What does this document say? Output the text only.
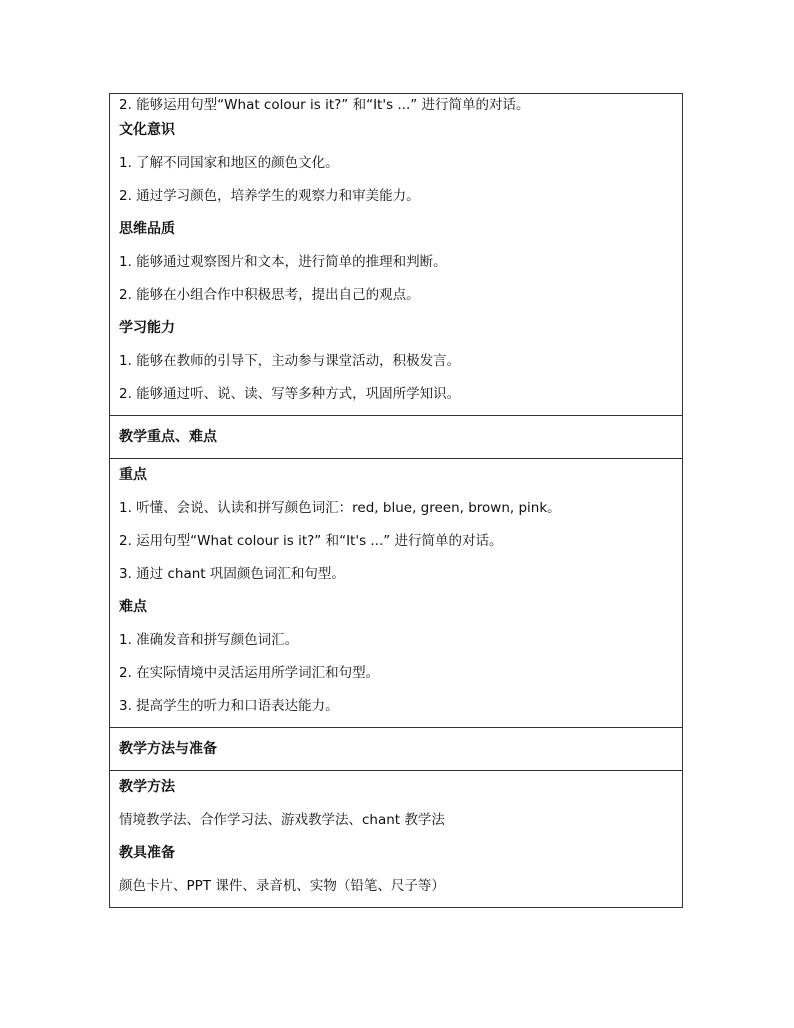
2. 能够运用句型“What colour is it?” 和“It's ...” 进行简单的对话。
文化意识
1. 了解不同国家和地区的颜色文化。
2. 通过学习颜色，培养学生的观察力和审美能力。
思维品质
1. 能够通过观察图片和文本，进行简单的推理和判断。
2. 能够在小组合作中积极思考，提出自己的观点。
学习能力
1. 能够在教师的引导下，主动参与课堂活动，积极发言。
2. 能够通过听、说、读、写等多种方式，巩固所学知识。
教学重点、难点
重点
1. 听懂、会说、认读和拼写颜色词汇：red, blue, green, brown, pink。
2. 运用句型“What colour is it?” 和“It's ...” 进行简单的对话。
3. 通过 chant 巩固颜色词汇和句型。
难点
1. 准确发音和拼写颜色词汇。
2. 在实际情境中灵活运用所学词汇和句型。
3. 提高学生的听力和口语表达能力。
教学方法与准备
教学方法
情境教学法、合作学习法、游戏教学法、chant 教学法
教具准备
颜色卡片、PPT 课件、录音机、实物（铅笔、尺子等）
